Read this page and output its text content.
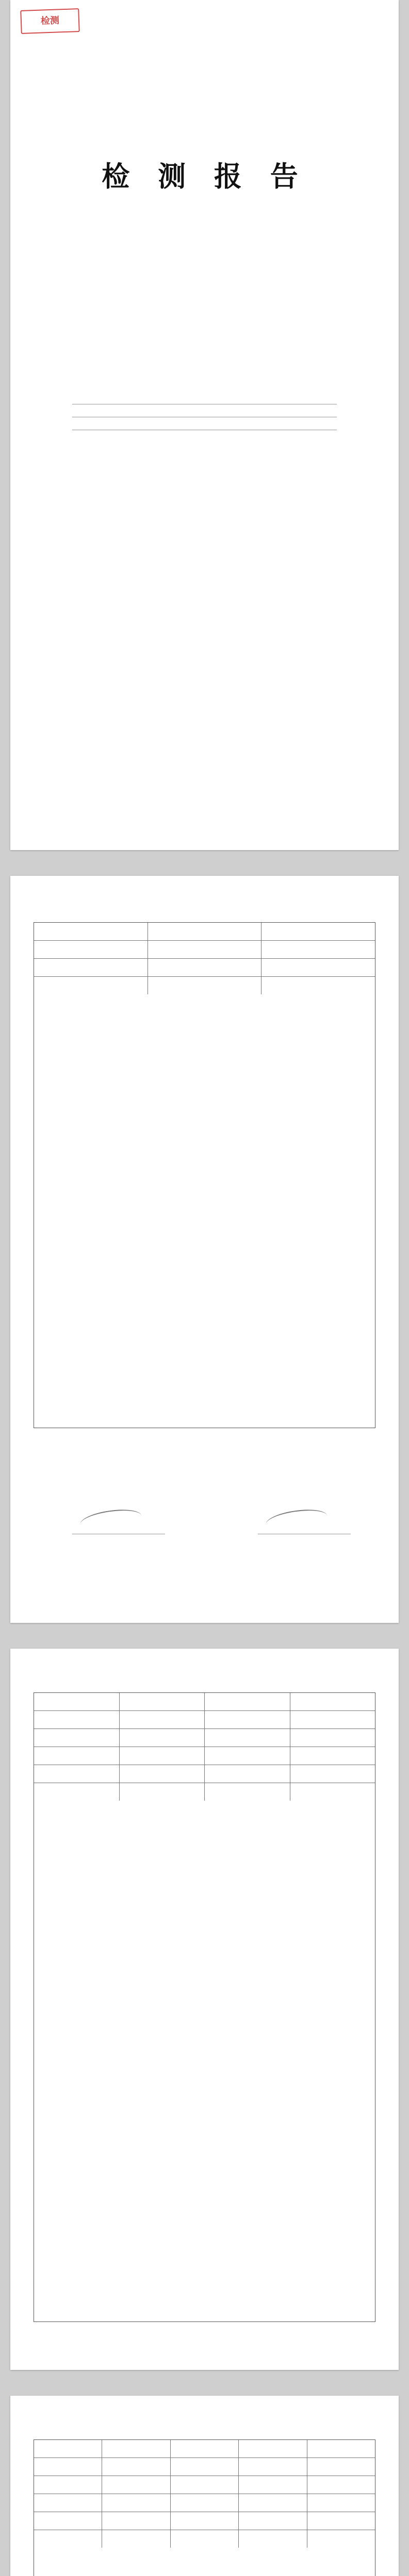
检测
检 测 报 告
